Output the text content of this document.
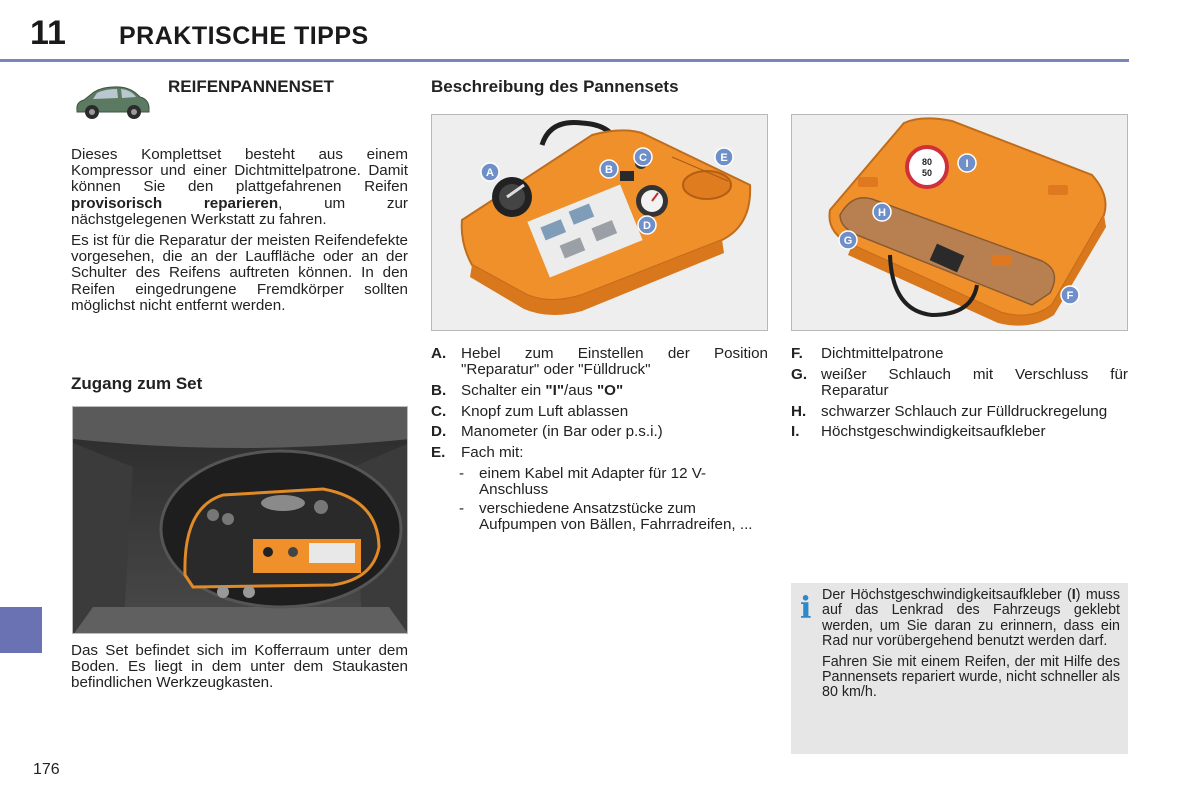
11 PRAKTISCHE TIPPS
REIFENPANNENSET

Dieses Komplettset besteht aus einem Kompressor und einer Dichtmittelpatrone. Damit können Sie den plattgefahrenen Reifen provisorisch reparieren, um zur nächstgelegenen Werkstatt zu fahren.

Es ist für die Reparatur der meisten Reifendefekte vorgesehen, die an der Lauffläche oder an der Schulter des Reifens auftreten können. In den Reifen eingedrungene Fremdkörper sollten möglichst nicht entfernt werden.

Zugang zum Set
Das Set befindet sich im Kofferraum unter dem Boden. Es liegt in dem unter dem Staukasten befindlichen Werkzeugkasten.
Beschreibung des Pannensets
A	B
C
D
E	80
50
I
H
G
F
A. Hebel zum Einstellen der Position "Reparatur" oder "Fülldruck"
B. Schalter ein "I"/aus "O"
C. Knopf zum Luft ablassen
D. Manometer (in Bar oder p.s.i.)
E.	Fach mit:
- einem Kabel mit Adapter für 12 V-Anschluss
- verschiedene Ansatzstücke zum Aufpumpen von Bällen, Fahrradreifen, ...
F.	Dichtmittelpatrone
G. weißer Schlauch mit Verschluss für Reparatur
H. schwarzer Schlauch zur Fülldruckregelung
I.	Höchstgeschwindigkeitsaufkleber
i Der Höchstgeschwindigkeitsaufkleber (I) muss auf das Lenkrad des Fahrzeugs geklebt werden, um Sie daran zu erinnern, dass ein Rad nur vorübergehend benutzt werden darf.

Fahren Sie mit einem Reifen, der mit Hilfe des Pannensets repariert wurde, nicht schneller als 80 km/h.

176
